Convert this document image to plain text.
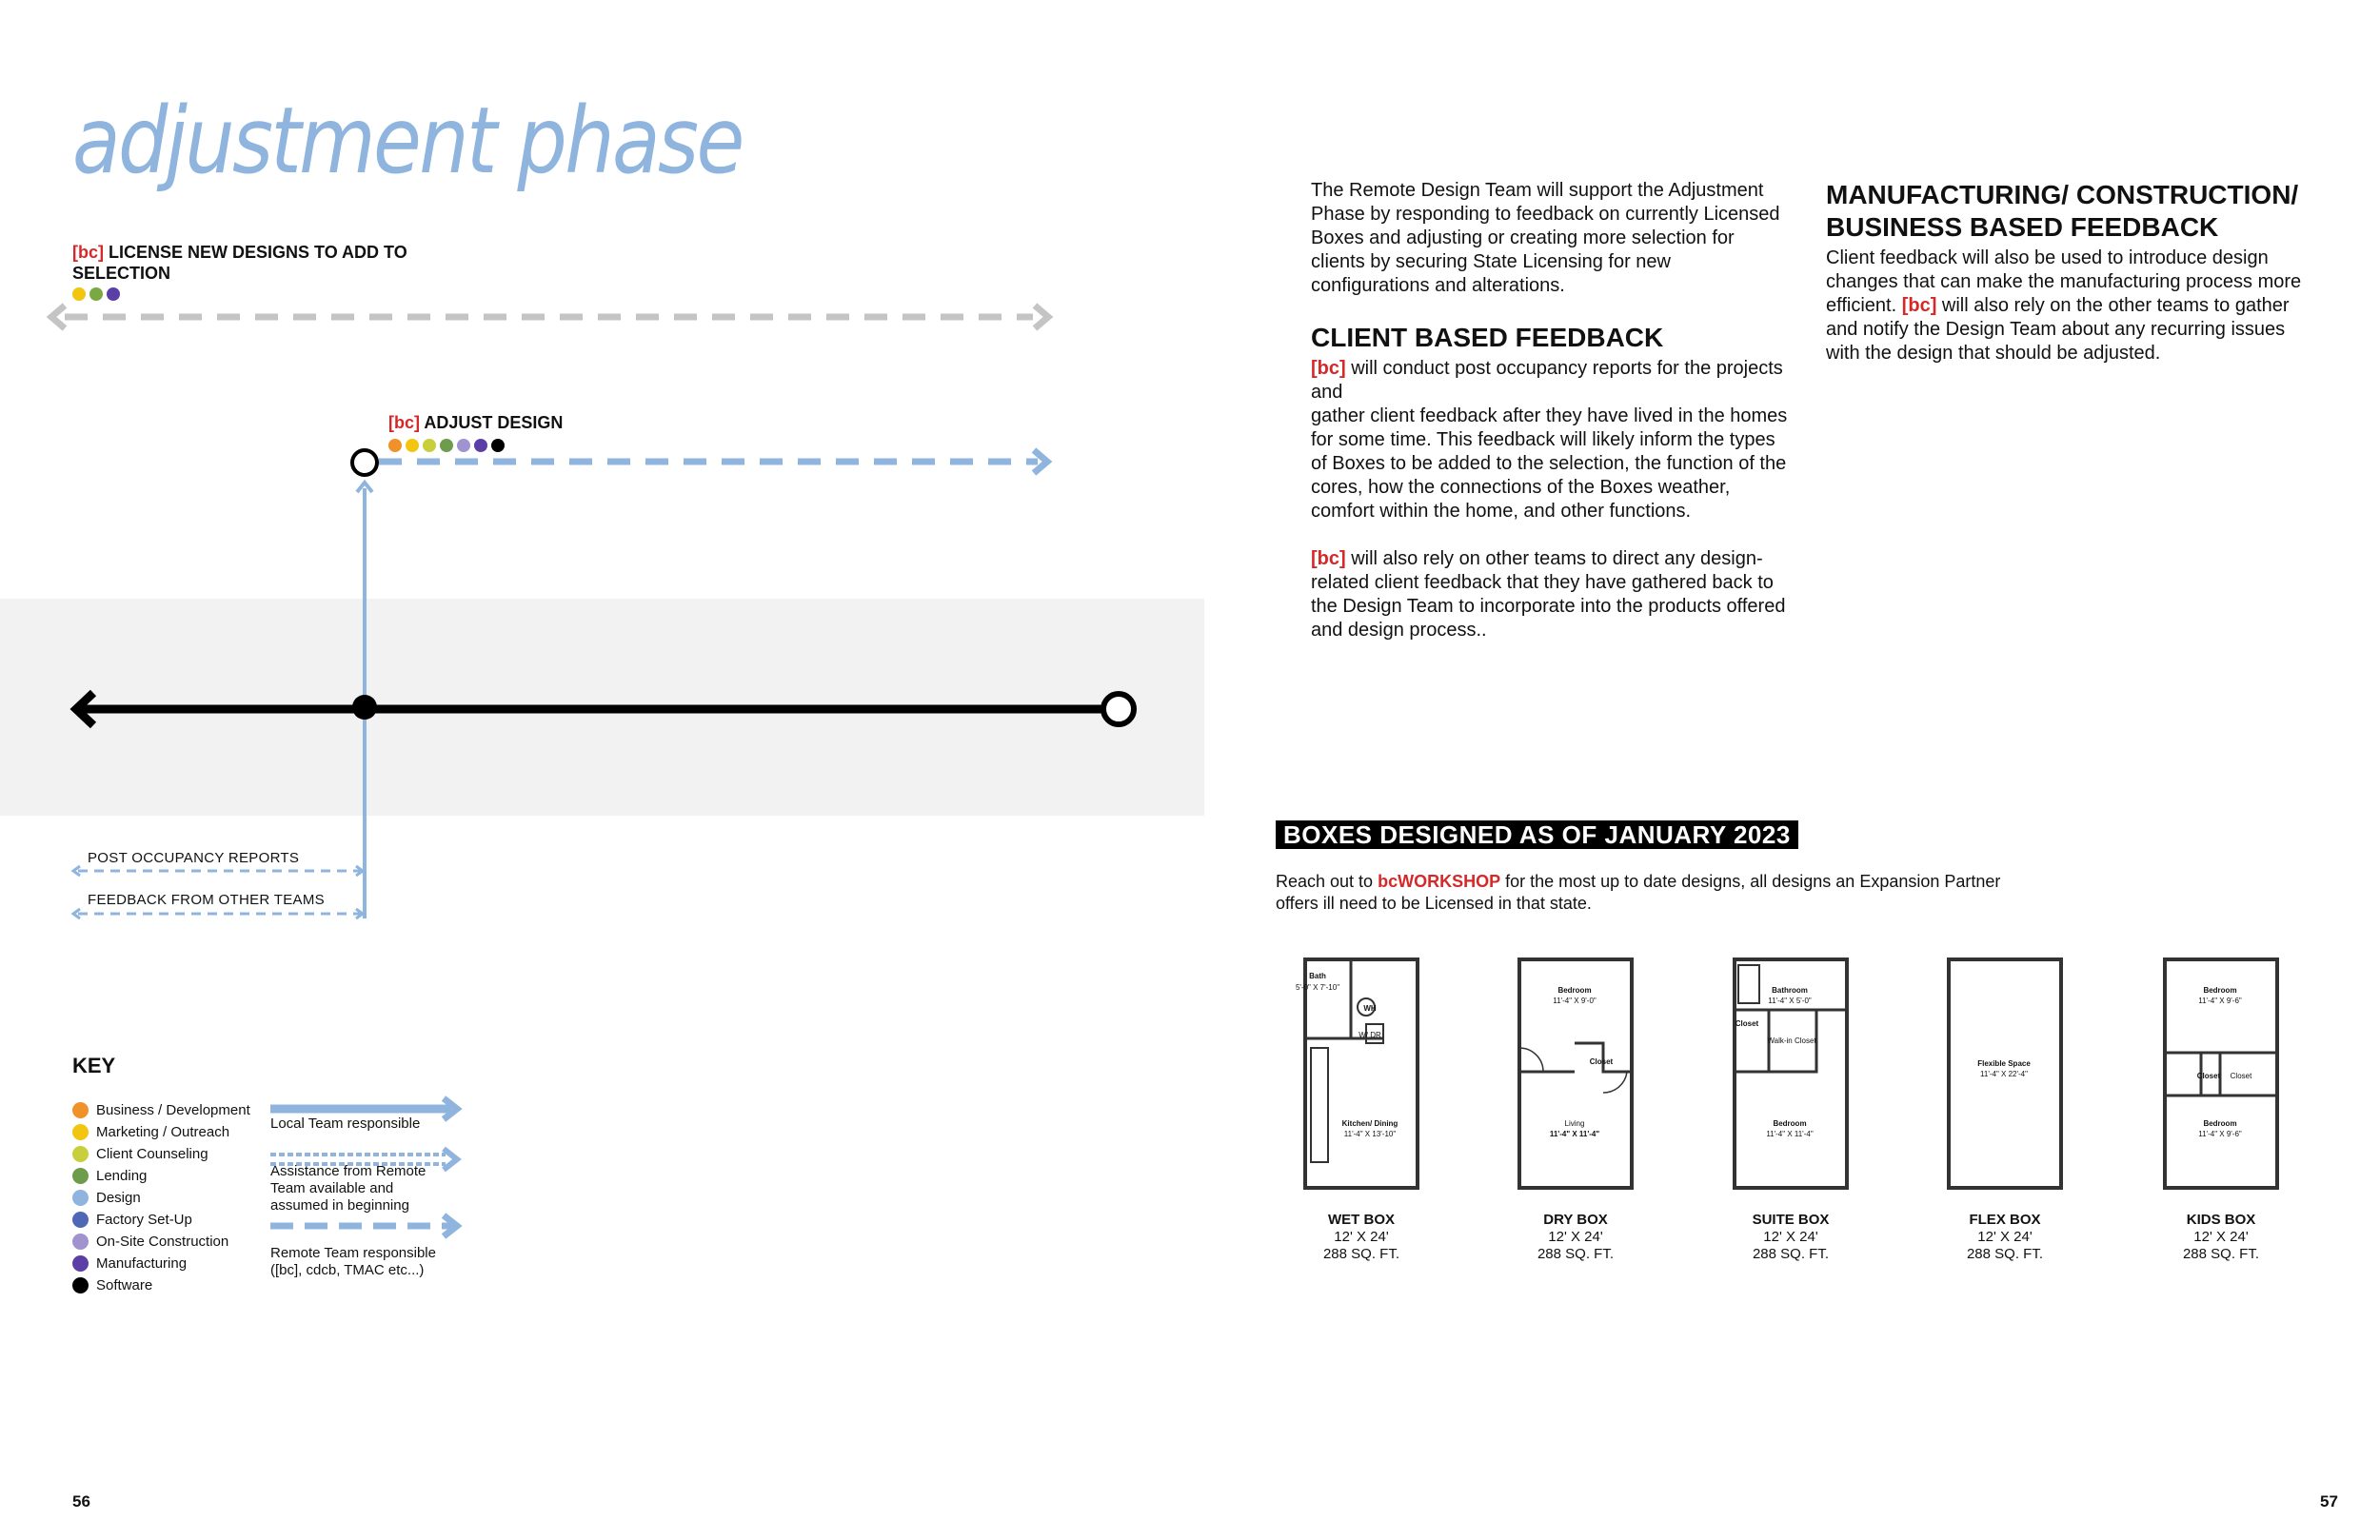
adjustment phase
[bc] LICENSE NEW DESIGNS TO ADD TO SELECTION
[bc] ADJUST DESIGN
POST OCCUPANCY REPORTS
FEEDBACK FROM OTHER TEAMS
KEY
Business / Development
Marketing / Outreach
Client Counseling
Lending
Design
Factory Set-Up
On-Site Construction
Manufacturing
Software
Local Team responsible
Assistance from Remote Team available and assumed in beginning
Remote Team responsible ([bc], cdcb, TMAC etc...)
56
The Remote Design Team will support the Adjustment Phase by responding to feedback on currently Licensed Boxes and adjusting or creating more selection for clients by securing State Licensing for new configurations and alterations.
CLIENT BASED FEEDBACK
[bc] will conduct post occupancy reports for the projects and
gather client feedback after they have lived in the homes for some time. This feedback will likely inform the types of Boxes to be added to the selection, the function of the cores, how the connections of the Boxes weather, comfort within the home, and other functions.
[bc] will also rely on other teams to direct any design-related client feedback that they have gathered back to the Design Team to incorporate into the products offered and design process..
MANUFACTURING/ CONSTRUCTION/ BUSINESS BASED FEEDBACK
Client feedback will also be used to introduce design changes that can make the manufacturing process more efficient. [bc] will also rely on the other teams to gather and notify the Design Team about any recurring issues with the design that should be adjusted.
BOXES DESIGNED AS OF JANUARY 2023
Reach out to bcWORKSHOP for the most up to date designs, all designs an Expansion Partner offers ill need to be Licensed in that state.
Bath
5'-0" X 7'-10"
WH
W/ DR
Kitchen/ Dining
11'-4" X 13'-10"
WET BOX
12' X 24'
288 SQ. FT.
Bedroom
11'-4" X 9'-0"
Closet
Living
11'-4" X 11'-4"
DRY BOX
12' X 24'
288 SQ. FT.
Bathroom
11'-4" X 5'-0"
Closet
Walk-in Closet
Bedroom
11'-4" X 11'-4"
SUITE BOX
12' X 24'
288 SQ. FT.
Flexible Space
11'-4" X 22'-4"
FLEX BOX
12' X 24'
288 SQ. FT.
Bedroom
11'-4" X 9'-6"
Closet	Closet
Bedroom
11'-4" X 9'-6"
KIDS BOX
12' X 24'
288 SQ. FT.
57
